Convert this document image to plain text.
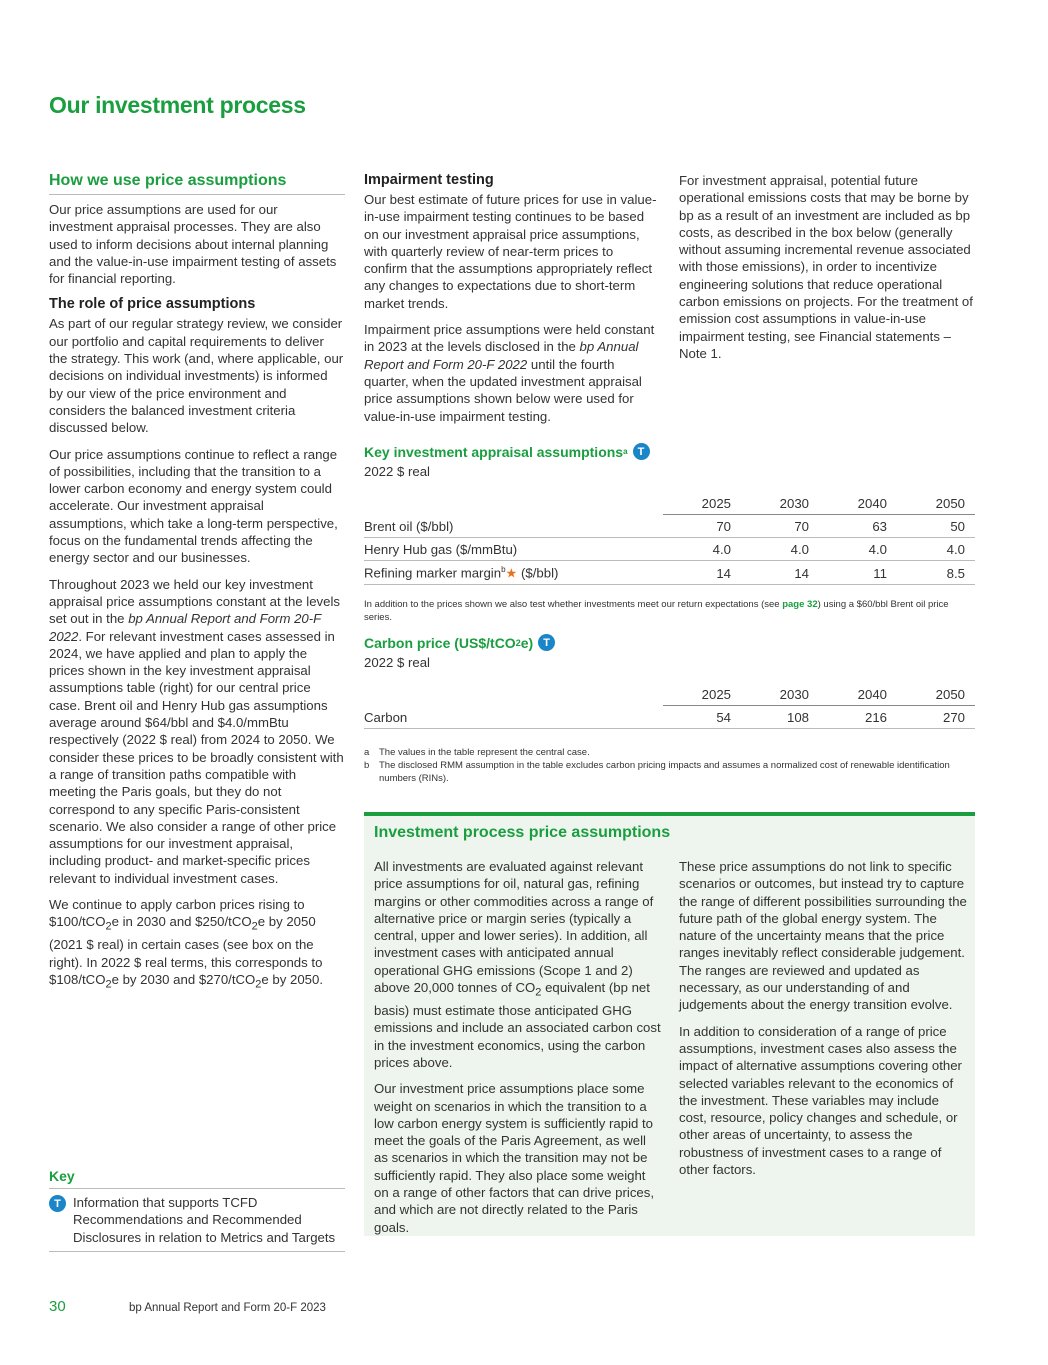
Our investment process
How we use price assumptions

Our price assumptions are used for our investment appraisal processes. They are also used to inform decisions about internal planning and the value-in-use impairment testing of assets for financial reporting.

The role of price assumptions

As part of our regular strategy review, we consider our portfolio and capital requirements to deliver the strategy. This work (and, where applicable, our decisions on individual investments) is informed by our view of the price environment and considers the balanced investment criteria discussed below.

Our price assumptions continue to reflect a range of possibilities, including that the transition to a lower carbon economy and energy system could accelerate. Our investment appraisal assumptions, which take a long-term perspective, focus on the fundamental trends affecting the energy sector and our businesses.

Throughout 2023 we held our key investment appraisal price assumptions constant at the levels set out in the bp Annual Report and Form 20-F 2022. For relevant investment cases assessed in 2024, we have applied and plan to apply the prices shown in the key investment appraisal assumptions table (right) for our central price case. Brent oil and Henry Hub gas assumptions average around $64/bbl and $4.0/mmBtu respectively (2022 $ real) from 2024 to 2050. We consider these prices to be broadly consistent with a range of transition paths compatible with meeting the Paris goals, but they do not correspond to any specific Paris-consistent scenario. We also consider a range of other price assumptions for our investment appraisal, including product- and market-specific prices relevant to individual investment cases.

We continue to apply carbon prices rising to $100/tCO$_2$e in 2030 and $250/tCO$_2$e by 2050 (2021 $ real) in certain cases (see box on the right). In 2022 $ real terms, this corresponds to $108/tCO$_2$e by 2030 and $270/tCO$_2$e by 2050.

Impairment testing

Our best estimate of future prices for use in value-in-use impairment testing continues to be based on our investment appraisal price assumptions, with quarterly review of near-term prices to confirm that the assumptions appropriately reflect any changes to expectations due to short-term market trends.

Impairment price assumptions were held constant in 2023 at the levels disclosed in the bp Annual Report and Form 20-F 2022 until the fourth quarter, when the updated investment appraisal price assumptions shown below were used for value-in-use impairment testing.

For investment appraisal, potential future operational emissions costs that may be borne by bp as a result of an investment are included as bp costs, as described in the box below (generally without assuming incremental revenue associated with those emissions), in order to incentivize engineering solutions that reduce operational carbon emissions on projects. For the treatment of emission cost assumptions in value-in-use impairment testing, see Financial statements – Note 1.

Key investment appraisal assumptions a T
2022 $ real
	2025	2030	2040	2050
Brent oil ($/bbl)	70	70	63	50
Henry Hub gas ($/mmBtu)	4.0	4.0	4.0	4.0
Refining marker margin$^b$★ ($/bbl)	14	14	11	8.5
In addition to the prices shown we also test whether investments meet our return expectations (see page 32) using a $60/bbl Brent oil price series.
Carbon price (US$/tCO 2 e) T
2022 $ real
	2025	2030	2040	2050
Carbon	54	108	216	270
a	The values in the table represent the central case.
b	The disclosed RMM assumption in the table excludes carbon pricing impacts and assumes a normalized cost of renewable identification numbers (RINs).
Investment process price assumptions

All investments are evaluated against relevant price assumptions for oil, natural gas, refining margins or other commodities across a range of alternative price or margin series (typically a central, upper and lower series). In addition, all investment cases with anticipated annual operational GHG emissions (Scope 1 and 2) above 20,000 tonnes of $CO_2$ equivalent (bp net basis) must estimate those anticipated GHG emissions and include an associated carbon cost in the investment economics, using the carbon prices above.

Our investment price assumptions place some weight on scenarios in which the transition to a low carbon energy system is sufficiently rapid to meet the goals of the Paris Agreement, as well as scenarios in which the transition may not be sufficiently rapid. They also place some weight on a range of other factors that can drive prices, and which are not directly related to the Paris goals.

These price assumptions do not link to specific scenarios or outcomes, but instead try to capture the range of different possibilities surrounding the future path of the global energy system. The nature of the uncertainty means that the price ranges inevitably reflect considerable judgement. The ranges are reviewed and updated as necessary, as our understanding of and judgements about the energy transition evolve.

In addition to consideration of a range of price assumptions, investment cases also assess the impact of alternative assumptions covering other selected variables relevant to the economics of the investment. These variables may include cost, resource, policy changes and schedule, or other areas of uncertainty, to assess the robustness of investment cases to a range of other factors.

Key
T Information that supports TCFD Recommendations and Recommended Disclosures in relation to Metrics and Targets
30	bp Annual Report and Form 20-F 2023
